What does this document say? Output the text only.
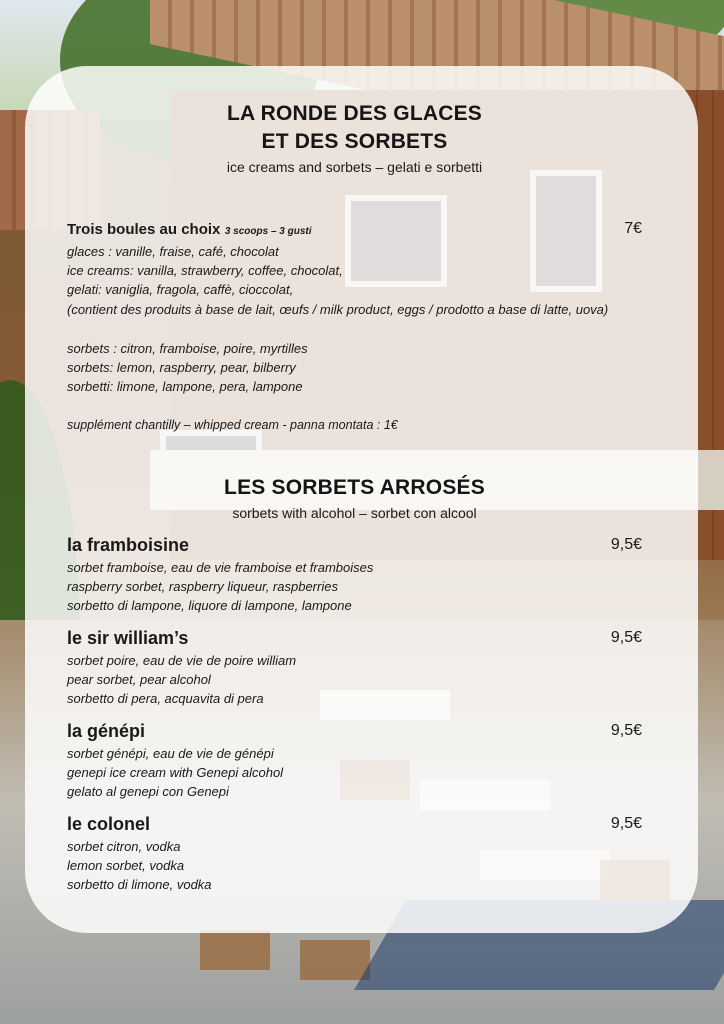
LA RONDE DES GLACES
ET DES SORBETS
ice creams and sorbets – gelati e sorbetti
Trois boules au choix 3 scoops – 3 gusti	7€
glaces : vanille, fraise, café, chocolat
ice creams: vanilla, strawberry, coffee, chocolat,
gelati: vaniglia, fragola, caffè, cioccolat,
(contient des produits à base de lait, œufs / milk product, eggs / prodotto a base di latte, uova)
sorbets : citron, framboise, poire, myrtilles
sorbets: lemon, raspberry, pear, bilberry
sorbetti: limone, lampone, pera, lampone
supplément chantilly – whipped cream - panna montata : 1€
LES SORBETS ARROSÉS
sorbets with alcohol – sorbet con alcool
la framboisine	9,5€
sorbet framboise, eau de vie framboise et framboises
raspberry sorbet, raspberry liqueur, raspberries
sorbetto di lampone, liquore di lampone, lampone
le sir william’s	9,5€
sorbet poire, eau de vie de poire william
pear sorbet, pear alcohol
sorbetto di pera, acquavita di pera
la génépi	9,5€
sorbet génépi, eau de vie de génépi
genepi ice cream with Genepi alcohol
gelato al genepi con Genepi
le colonel	9,5€
sorbet citron, vodka
lemon sorbet, vodka
sorbetto di limone, vodka
